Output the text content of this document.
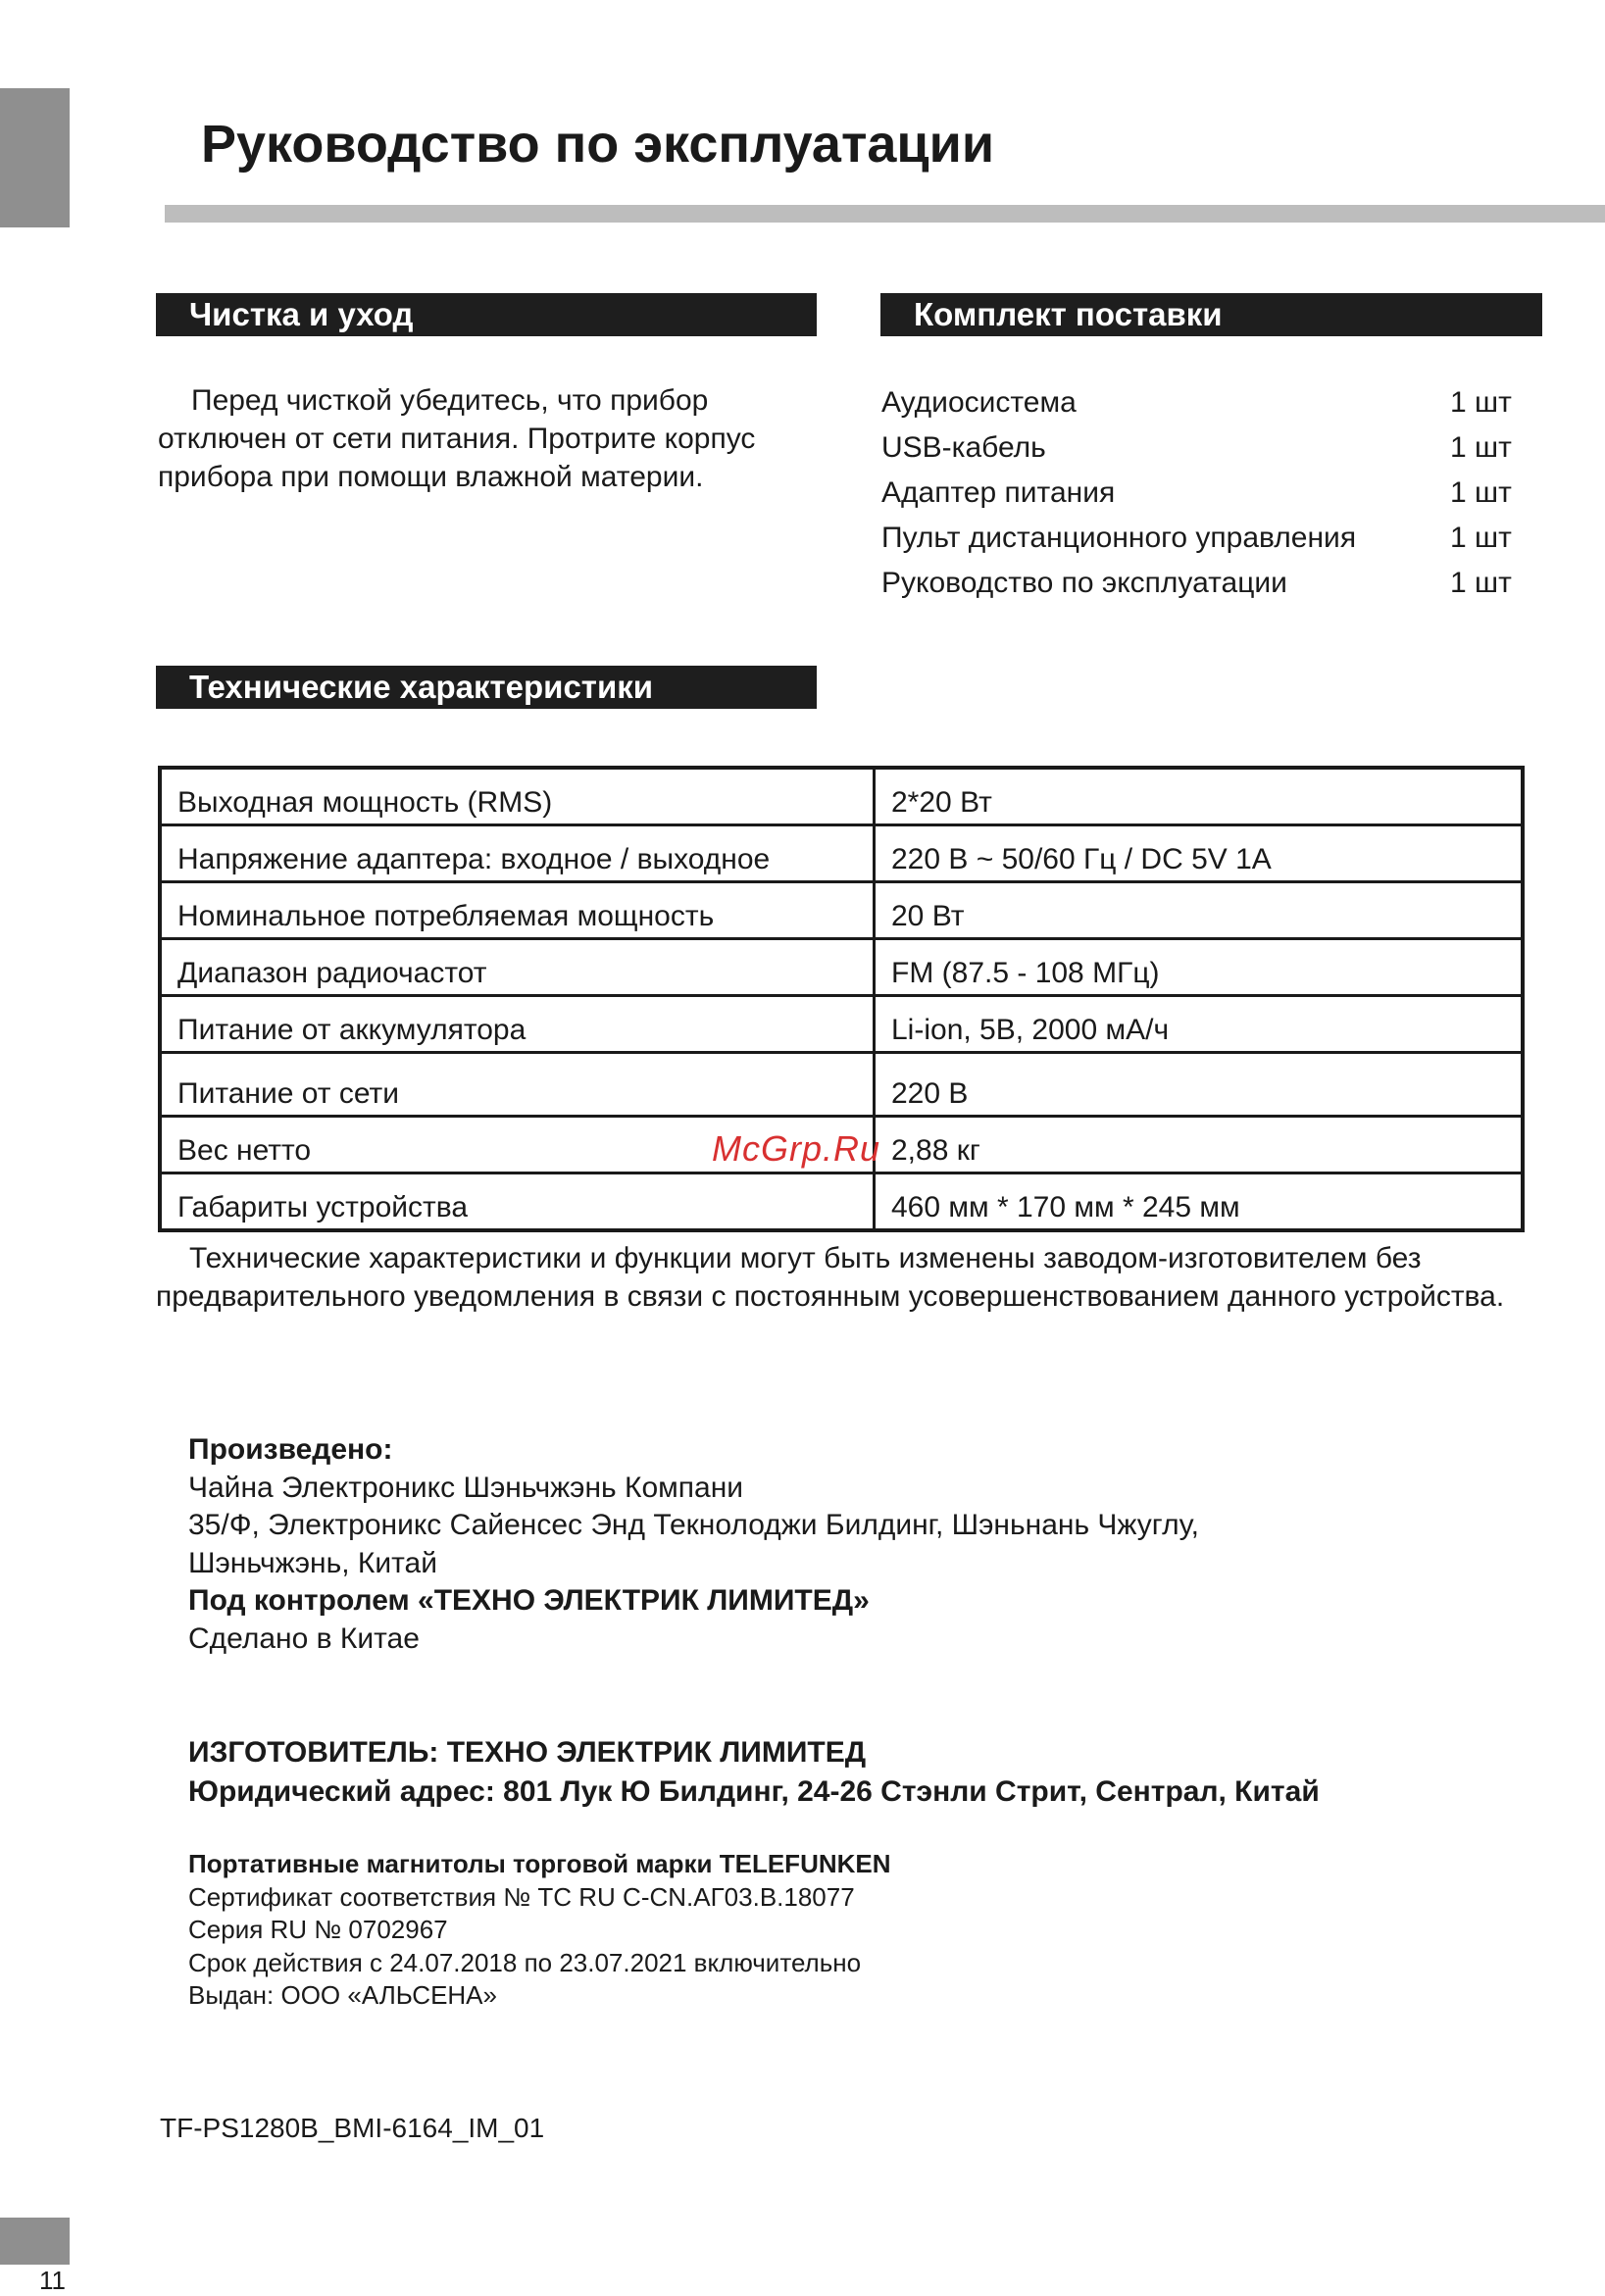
Руководство по эксплуатации
Чистка и уход

Перед чисткой убедитесь, что прибор отключен от сети питания. Протрите корпус прибора при помощи влажной материи.

Комплект поставки
Аудиосистема	1 шт
USB-кабель	1 шт
Адаптер питания	1 шт
Пульт дистанционного управления	1 шт
Руководство по эксплуатации	1 шт
Технические характеристики
Выходная мощность (RMS)	2*20 Вт
Напряжение адаптера: входное / выходное	220 В ~ 50/60 Гц / DC 5V 1A
Номинальное потребляемая мощность	20 Вт
Диапазон радиочастот	FM (87.5 - 108 МГц)
Питание от аккумулятора	Li-ion, 5В, 2000 мА/ч
Питание от сети	220 В
Вес нетто	2,88 кг
Габариты устройства	460 мм * 170 мм * 245 мм
McGrp.Ru

Технические характеристики и функции могут быть изменены заводом-изготовителем без предварительного уведомления в связи с постоянным усовершенствованием данного устройства.

Произведено:
Чайна Электроникс Шэньчжэнь Компани
35/Ф, Электроникс Сайенсес Энд Текнолоджи Билдинг, Шэньнань Чжуглу,
Шэньчжэнь, Китай
Под контролем «ТЕХНО ЭЛЕКТРИК ЛИМИТЕД»
Сделано в Китае
ИЗГОТОВИТЕЛЬ: ТЕХНО ЭЛЕКТРИК ЛИМИТЕД
Юридический адрес: 801 Лук Ю Билдинг, 24-26 Стэнли Стрит, Сентрал, Китай
Портативные магнитолы торговой марки TELEFUNKEN
Сертификат соответствия № ТС RU С-CN.АГ03.В.18077
Серия RU № 0702967
Срок действия с 24.07.2018 по 23.07.2021 включительно
Выдан: ООО «АЛЬСЕНА»
TF-PS1280B_BMI-6164_IM_01
11
